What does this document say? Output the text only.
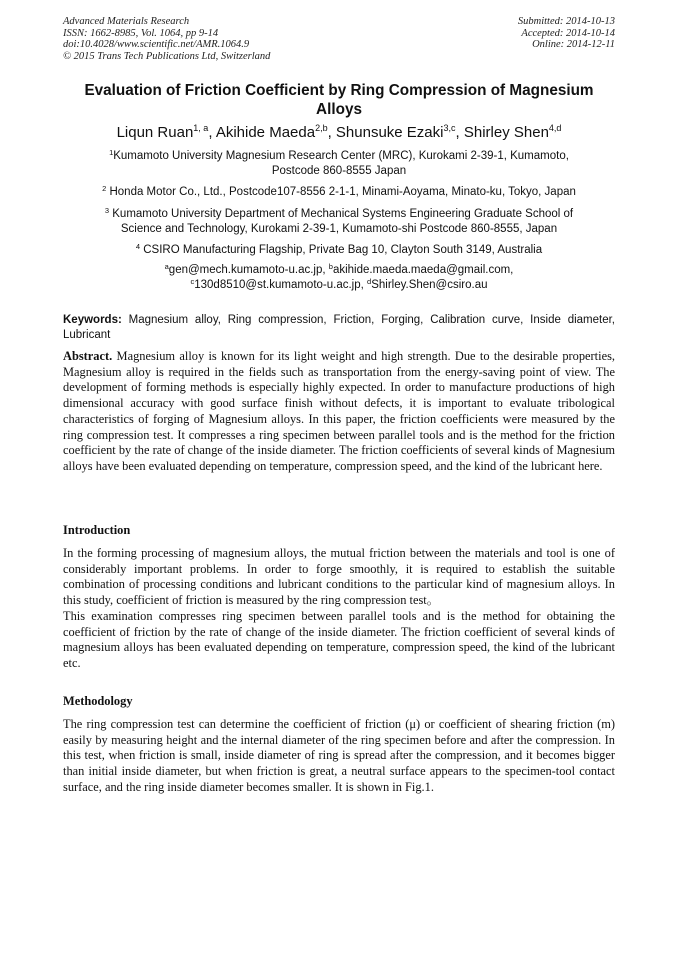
Advanced Materials Research
ISSN: 1662-8985, Vol. 1064, pp 9-14
doi:10.4028/www.scientific.net/AMR.1064.9
© 2015 Trans Tech Publications Ltd, Switzerland
Submitted: 2014-10-13
Accepted: 2014-10-14
Online: 2014-12-11
Evaluation of Friction Coefficient by Ring Compression of Magnesium
Alloys
Liqun Ruan$^{1, a}$, Akihide Maeda$^{2,b}$, Shunsuke Ezaki$^{3,c}$, Shirley Shen$^{4,d}$
$^1$Kumamoto University Magnesium Research Center (MRC), Kurokami 2-39-1, Kumamoto,
Postcode 860-8555 Japan
$^2$ Honda Motor Co., Ltd., Postcode107-8556 2-1-1, Minami-Aoyama, Minato-ku, Tokyo, Japan
$^3$ Kumamoto University Department of Mechanical Systems Engineering Graduate School of
Science and Technology, Kurokami 2-39-1, Kumamoto-shi Postcode 860-8555, Japan
$^4$ CSIRO Manufacturing Flagship, Private Bag 10, Clayton South 3149, Australia
$^a$gen@mech.kumamoto-u.ac.jp, $^b$akihide.maeda.maeda@gmail.com,
$^c$130d8510@st.kumamoto-u.ac.jp, $^d$Shirley.Shen@csiro.au
Keywords: Magnesium alloy, Ring compression, Friction, Forging, Calibration curve, Inside diameter, Lubricant
Abstract. Magnesium alloy is known for its light weight and high strength. Due to the desirable properties, Magnesium alloy is required in the fields such as transportation from the energy-saving point of view. The development of forming methods is especially highly expected. In order to manufacture productions of high dimensional accuracy with good surface finish without defects, it is important to evaluate tribological characteristics of forging of Magnesium alloys. In this paper, the friction coefficients were measured by the ring compression test. It compresses a ring specimen between parallel tools and is the method for the friction coefficient by the rate of change of the inside diameter. The friction coefficients of several kinds of Magnesium alloys have been evaluated depending on temperature, compression speed, and the kind of the lubricant here.
Introduction
In the forming processing of magnesium alloys, the mutual friction between the materials and tool is one of considerably important problems. In order to forge smoothly, it is required to establish the suitable combination of processing conditions and lubricant conditions to the particular kind of magnesium alloys. In this study, coefficient of friction is measured by the ring compression test。
This examination compresses ring specimen between parallel tools and is the method for obtaining the coefficient of friction by the rate of change of the inside diameter. The friction coefficient of several kinds of magnesium alloys has been evaluated depending on temperature, compression speed, the kind of the lubricant etc.
Methodology
The ring compression test can determine the coefficient of friction (μ) or coefficient of shearing friction (m) easily by measuring height and the internal diameter of the ring specimen before and after the compression. In this test, when friction is small, inside diameter of ring is spread after the compression, and it becomes bigger than initial inside diameter, but when friction is great, a neutral surface appears to the specimen-tool contact surface, and the ring inside diameter becomes smaller. It is shown in Fig.1.
